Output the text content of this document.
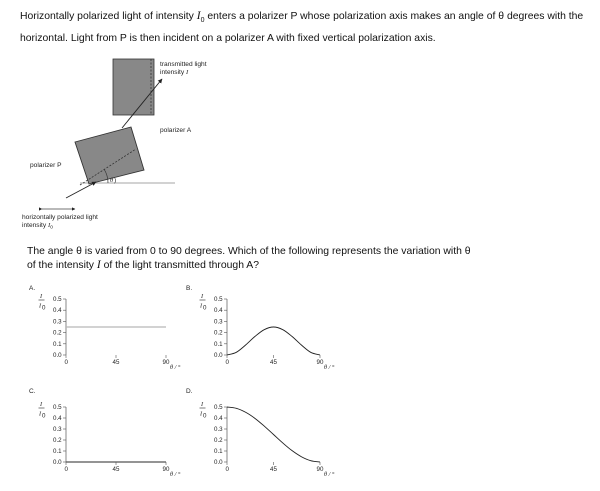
Horizontally polarized light of intensity $I_0$ enters a polarizer P whose polarization axis makes an angle of θ degrees with the horizontal. Light from P is then incident on a polarizer A with fixed vertical polarization axis.
θ )
transmitted light
intensity I
polarizer A
polarizer P
horizontally polarized light
intensity $I_0$
The angle θ is varied from 0 to 90 degrees. Which of the following represents the variation with θ
of the intensity I of the light transmitted through A?
A.
I
I 0
0.0
0.1
0.2
0.3
0.4
0.5
0	45	90
θ / °
B.
I
I 0
0.0
0.1
0.2
0.3
0.4
0.5
0	45	90
θ / °
C.
I
I 0
0.0
0.1
0.2
0.3
0.4
0.5
0	45	90
θ / °
D.
I
I 0
0.0
0.1
0.2
0.3
0.4
0.5
0	45	90
θ / °
